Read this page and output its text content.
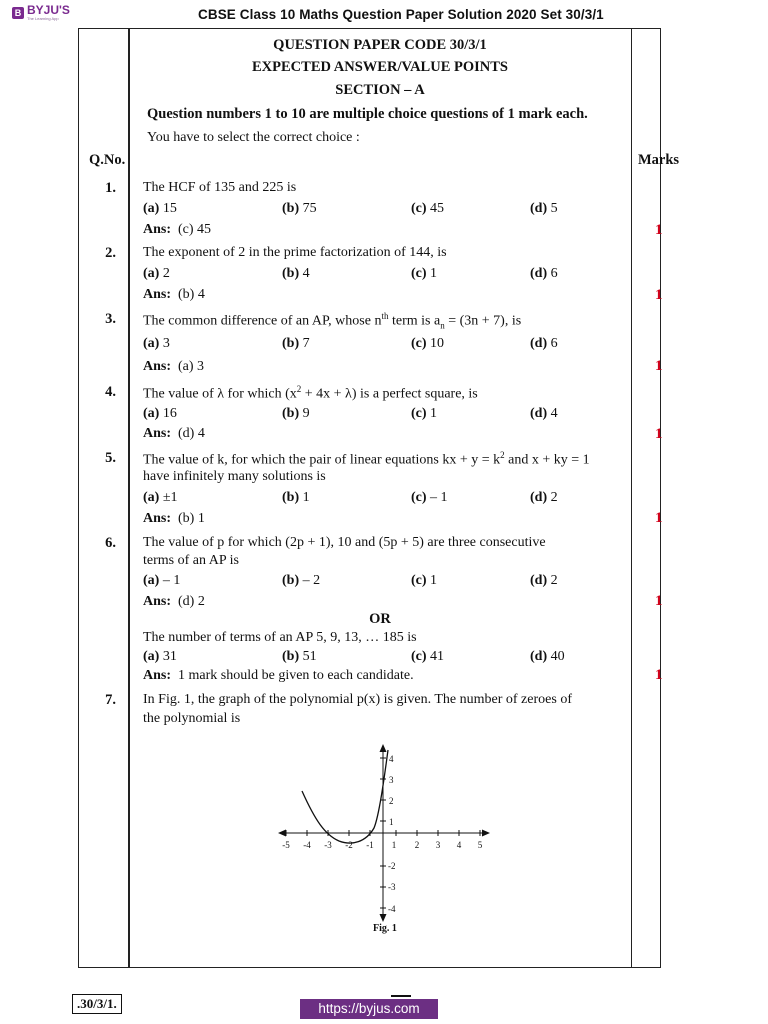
B BYJU'S
The Learning App	CBSE Class 10 Maths Question Paper Solution 2020 Set 30/3/1
QUESTION PAPER CODE 30/3/1
EXPECTED ANSWER/VALUE POINTS
SECTION – A
Question numbers 1 to 10 are multiple choice questions of 1 mark each.
You have to select the correct choice :
Q.No.	Marks
1. The HCF of 135 and 225 is
(a) 15	(b) 75	(c) 45	(d) 5
Ans: (c) 45	1
2. The exponent of 2 in the prime factorization of 144, is
(a) 2	(b) 4	(c) 1	(d) 6
Ans: (b) 4	1
3. The common difference of an AP, whose $n^{th}$ term is $a_n = (3n + 7)$, is
(a) 3	(b) 7	(c) 10	(d) 6
Ans: (a) 3	1
4. The value of λ for which $(x^2 + 4x + \lambda)$ is a perfect square, is
(a) 16	(b) 9	(c) 1	(d) 4
Ans: (d) 4	1
5. The value of k, for which the pair of linear equations kx + $y = k^2$ and x + ky = 1
have infinitely many solutions is
(a) ±1	(b) 1	(c) – 1	(d) 2
Ans: (b) 1	1
6. The value of p for which (2p + 1), 10 and (5p + 5) are three consecutive
terms of an AP is
(a) – 1	(b) – 2	(c) 1	(d) 2
Ans: (d) 2	1
OR
The number of terms of an AP 5, 9, 13, … 185 is
(a) 31	(b) 51	(c) 41	(d) 40
Ans: 1 mark should be given to each candidate.	1
7. In Fig. 1, the graph of the polynomial p(x) is given. The number of zeroes of
the polynomial is
-5 -4 -3 -2 -1 1 2 3 4 5
4
3
2
1
-2
-3
-4
Fig. 1
.30/3/1.	https://byjus.com
